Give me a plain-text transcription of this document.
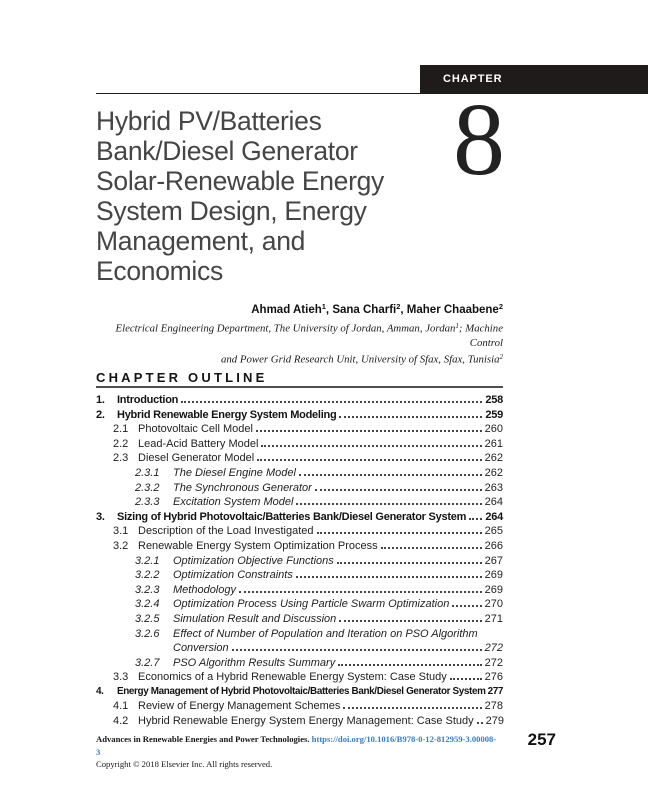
CHAPTER
Hybrid PV/Batteries
Bank/Diesel Generator
Solar-Renewable Energy
System Design, Energy
Management, and
Economics
8
Ahmad Atieh$^1$, Sana Charfi$^2$, Maher Chaabene$^2$
Electrical Engineering Department, The University of Jordan, Amman, Jordan$^1$; Machine Control
and Power Grid Research Unit, University of Sfax, Sfax, Tunisia$^2$
CHAPTER OUTLINE
1.	Introduction	258
2.	Hybrid Renewable Energy System Modeling	259
2.1 Photovoltaic Cell Model	260
2.2 Lead-Acid Battery Model	261
2.3 Diesel Generator Model	262
2.3.1	The Diesel Engine Model	262
2.3.2	The Synchronous Generator	263
2.3.3	Excitation System Model	264
3.	Sizing of Hybrid Photovoltaic/Batteries Bank/Diesel Generator System 264
3.1 Description of the Load Investigated	265
3.2 Renewable Energy System Optimization Process	266
3.2.1	Optimization Objective Functions	267
3.2.2	Optimization Constraints	269
3.2.3	Methodology	269
3.2.4	Optimization Process Using Particle Swarm Optimization	270
3.2.5	Simulation Result and Discussion	271
3.2.6	Effect of Number of Population and Iteration on PSO Algorithm
Conversion	272
3.2.7	PSO Algorithm Results Summary	272
3.3 Economics of a Hybrid Renewable Energy System: Case Study	276
4.	Energy Management of Hybrid Photovoltaic/Batteries Bank/Diesel Generator System 277
4.1 Review of Energy Management Schemes	278
4.2 Hybrid Renewable Energy System Energy Management: Case Study 279
Advances in Renewable Energies and Power Technologies. https://doi.org/10.1016/B978-0-12-812959-3.00008-3
Copyright © 2018 Elsevier Inc. All rights reserved.
257
